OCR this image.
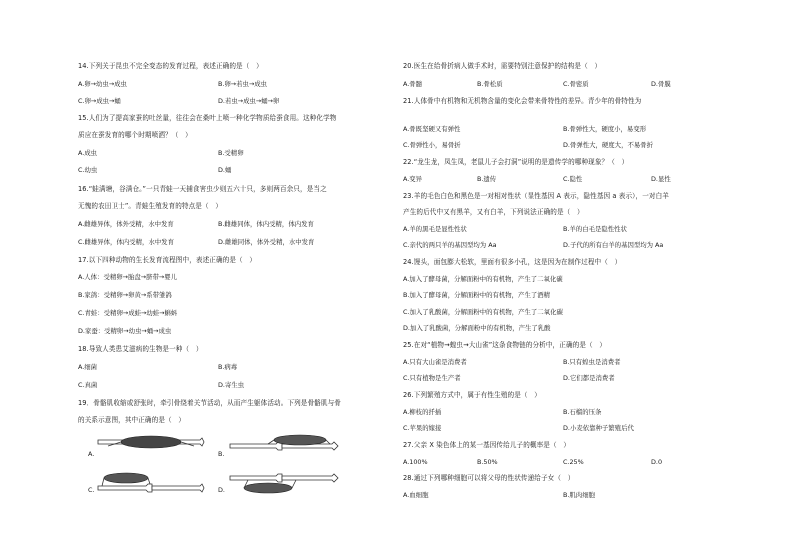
14.下列关于昆虫不完全变态的发育过程，表述正确的是（　）
A.卵→幼虫→成虫	B.卵→若虫→成虫
C.卵→成虫→蛹	D.若虫→成虫→蛹→卵
15.人们为了提高家蚕的吐丝量，往往会在桑叶上喷一种化学物质给蚕食用。这种化学物
质应在蚕发育的哪个时期喷洒？（　）
A.成虫	B.受精卵
C.幼虫	D.蛹
16.“蛙满塘，谷满仓。”一只青蛙一天捕食害虫少则五六十只，多则两百余只，是当之
无愧的农田卫士”。青蛙生殖发育的特点是（　）
A.雌雄异体，体外受精，水中发育	B.雌雄同体，体内受精，体内发育
C.雌雄异体，体内受精，水中发育	D.雌雄同体，体外受精，水中发育
17.以下四种动物的生长发育流程图中，表述正确的是（　）
A.人体：受精卵→胎盘→脐带→婴儿
B.家鸽：受精卵→卵黄→系带雏鸽
C.青蛙：受精卵→成蛙→幼蛙→蝌蚪
D.家蚕：受精卵→幼虫→蛹→成虫
18.导致人类患艾滋病的生物是一种（　）
A.细菌	B.病毒
C.真菌	D.寄生虫
19．骨骼肌收缩或舒张时，牵引骨绕着关节活动，从而产生躯体活动。下列是骨骼肌与骨
的关系示意图，其中正确的是（　）
A.	B.
C.	D.
20.医生在给骨折病人做手术时，需要特别注意保护的结构是（　）
A.骨髓	B.骨松质	C.骨密质	D.骨膜
21.人体骨中有机物和无机物含量的变化会带来骨特性的差异。青少年的骨特性为
A.骨既坚硬又有弹性	B.骨弹性大，硬度小，易变形
C.骨弹性小，易骨折	D.骨弹性大，硬度大，不易骨折
22.“龙生龙，凤生凤，老鼠儿子会打洞”说明的是遗传学的哪种现象？（　）
A.变异	B.遗传	C.隐性	D.显性
23.羊的毛色白色和黑色是一对相对性状（显性基因 A 表示，隐性基因 a 表示），一对白羊
产生的后代中又有黑羊，又有白羊，下列说法正确的是（　）
A.羊的黑毛是显性性状	B.羊的白毛是隐性性状
C.亲代的两只羊的基因型均为 Aa	D.子代的所有白羊的基因型均为 Aa
24.馒头，面包膨大松软，里面有很多小孔，这是因为在制作过程中（　）
A.加入了酵母菌，分解面粉中的有机物，产生了二氧化碳
B.加入了酵母菌，分解面粉中的有机物，产生了酒精
C.加入了乳酸菌，分解面粉中的有机物，产生了二氧化碳
D.加入了乳酸菌，分解面粉中的有机物，产生了乳酸
25.在对“植物→蝗虫→大山雀”这条食物链的分析中，正确的是（　）
A.只有大山雀是消费者	B.只有蝗虫是消费者
C.只有植物是生产者	D.它们都是消费者
26.下列繁殖方式中，属于有性生殖的是（　）
A.柳枝的扦插	B.石榴的压条
C.苹果的嫁接	D.小麦依靠种子繁殖后代
27.父亲 X 染色体上的某一基因传给儿子的概率是（　）
A.100%	B.50%	C.25%	D.0
28.通过下列哪种细胞可以将父母的性状传递给子女（　）
A.血细胞	B.肌肉细胞
